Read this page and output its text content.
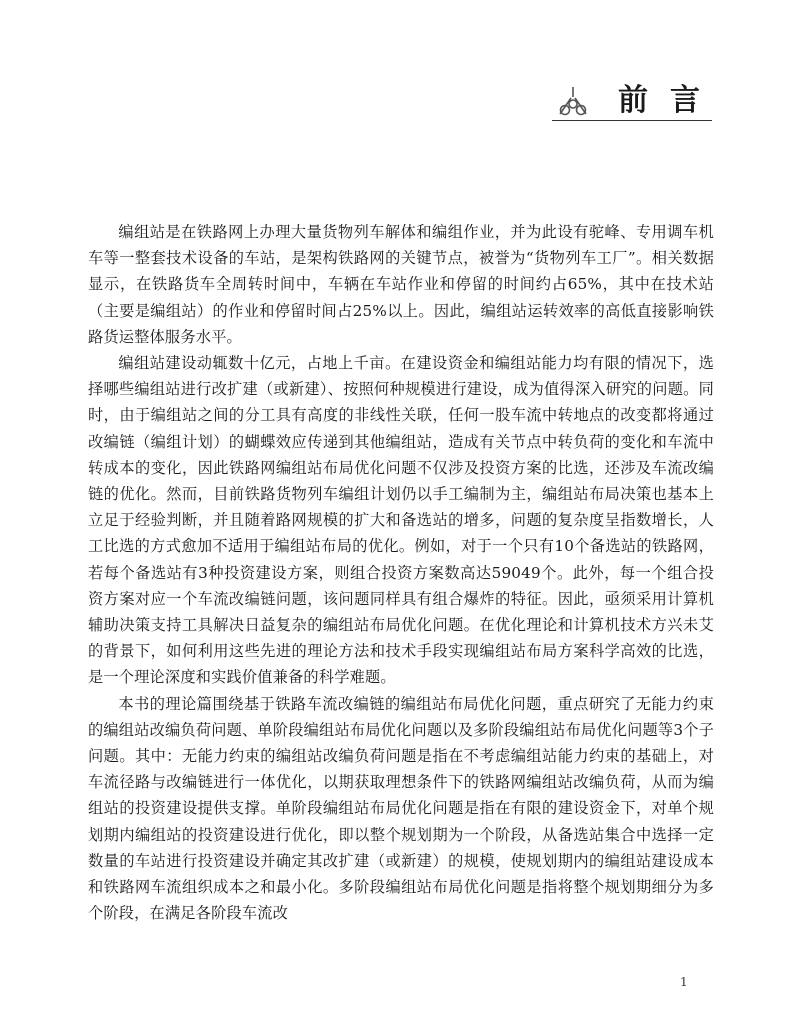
前言

编组站是在铁路网上办理大量货物列车解体和编组作业，并为此设有驼峰、专用调车机车等一整套技术设备的车站，是架构铁路网的关键节点，被誉为“货物列车工厂”。相关数据显示，在铁路货车全周转时间中，车辆在车站作业和停留的时间约占65%，其中在技术站（主要是编组站）的作业和停留时间占25%以上。因此，编组站运转效率的高低直接影响铁路货运整体服务水平。

编组站建设动辄数十亿元，占地上千亩。在建设资金和编组站能力均有限的情况下，选择哪些编组站进行改扩建（或新建）、按照何种规模进行建设，成为值得深入研究的问题。同时，由于编组站之间的分工具有高度的非线性关联，任何一股车流中转地点的改变都将通过改编链（编组计划）的蝴蝶效应传递到其他编组站，造成有关节点中转负荷的变化和车流中转成本的变化，因此铁路网编组站布局优化问题不仅涉及投资方案的比选，还涉及车流改编链的优化。然而，目前铁路货物列车编组计划仍以手工编制为主，编组站布局决策也基本上立足于经验判断，并且随着路网规模的扩大和备选站的增多，问题的复杂度呈指数增长，人工比选的方式愈加不适用于编组站布局的优化。例如，对于一个只有10个备选站的铁路网，若每个备选站有3种投资建设方案，则组合投资方案数高达59049个。此外，每一个组合投资方案对应一个车流改编链问题，该问题同样具有组合爆炸的特征。因此，亟须采用计算机辅助决策支持工具解决日益复杂的编组站布局优化问题。在优化理论和计算机技术方兴未艾的背景下，如何利用这些先进的理论方法和技术手段实现编组站布局方案科学高效的比选，是一个理论深度和实践价值兼备的科学难题。

本书的理论篇围绕基于铁路车流改编链的编组站布局优化问题，重点研究了无能力约束的编组站改编负荷问题、单阶段编组站布局优化问题以及多阶段编组站布局优化问题等3个子问题。其中：无能力约束的编组站改编负荷问题是指在不考虑编组站能力约束的基础上，对车流径路与改编链进行一体优化，以期获取理想条件下的铁路网编组站改编负荷，从而为编组站的投资建设提供支撑。单阶段编组站布局优化问题是指在有限的建设资金下，对单个规划期内编组站的投资建设进行优化，即以整个规划期为一个阶段，从备选站集合中选择一定数量的车站进行投资建设并确定其改扩建（或新建）的规模，使规划期内的编组站建设成本和铁路网车流组织成本之和最小化。多阶段编组站布局优化问题是指将整个规划期细分为多个阶段，在满足各阶段车流改

1
